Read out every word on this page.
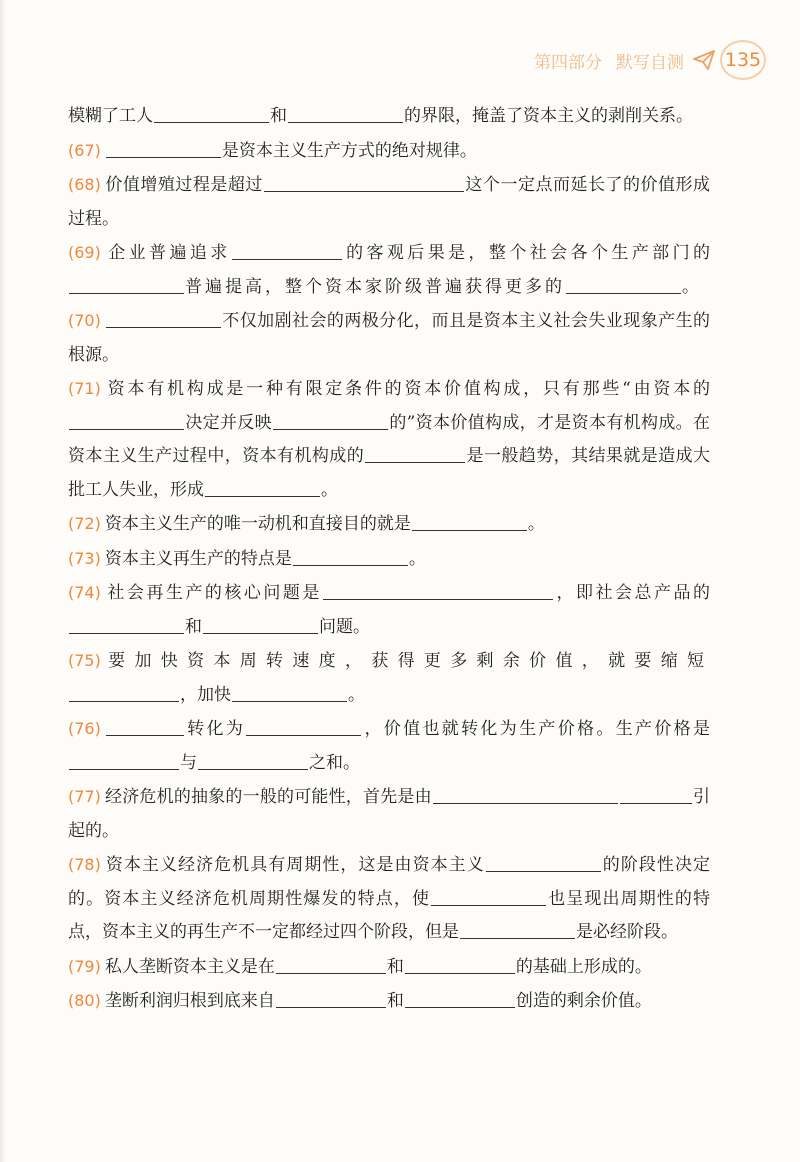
第四部分 默写自测 135

模糊了工人	和	的界限，掩盖了资本主义的剥削关系。

(67)	是资本主义生产方式的绝对规律。

(68) 价值增殖过程是超过	这个一定点而延长了的价值形成过程。

(69) 企业普遍追求	的客观后果是，整个社会各个生产部门的普遍提高，整个资本家阶级普遍获得更多的	。

(70)	不仅加剧社会的两极分化，而且是资本主义社会失业现象产生的根源。

(71) 资本有机构成是一种有限定条件的资本价值构成，只有那些“由资本的决定并反映	的”资本价值构成，才是资本有机构成。在资本主义生产过程中，资本有机构成的	是一般趋势，其结果就是造成大批工人失业，形成	。

(72) 资本主义生产的唯一动机和直接目的就是	。

(73) 资本主义再生产的特点是	。

(74) 社会再生产的核心问题是	，即社会总产品的和	问题。

(75) 要加快资本周转速度，获得更多剩余价值，就要缩短，加快	。

(76)	转化为	，价值也就转化为生产价格。生产价格是与	之和。

(77) 经济危机的抽象的一般的可能性，首先是由	引起的。

(78) 资本主义经济危机具有周期性，这是由资本主义	的阶段性决定的。资本主义经济危机周期性爆发的特点，使	也呈现出周期性的特点，资本主义的再生产不一定都经过四个阶段，但是	是必经阶段。

(79) 私人垄断资本主义是在	和	的基础上形成的。

(80) 垄断利润归根到底来自	和	创造的剩余价值。
